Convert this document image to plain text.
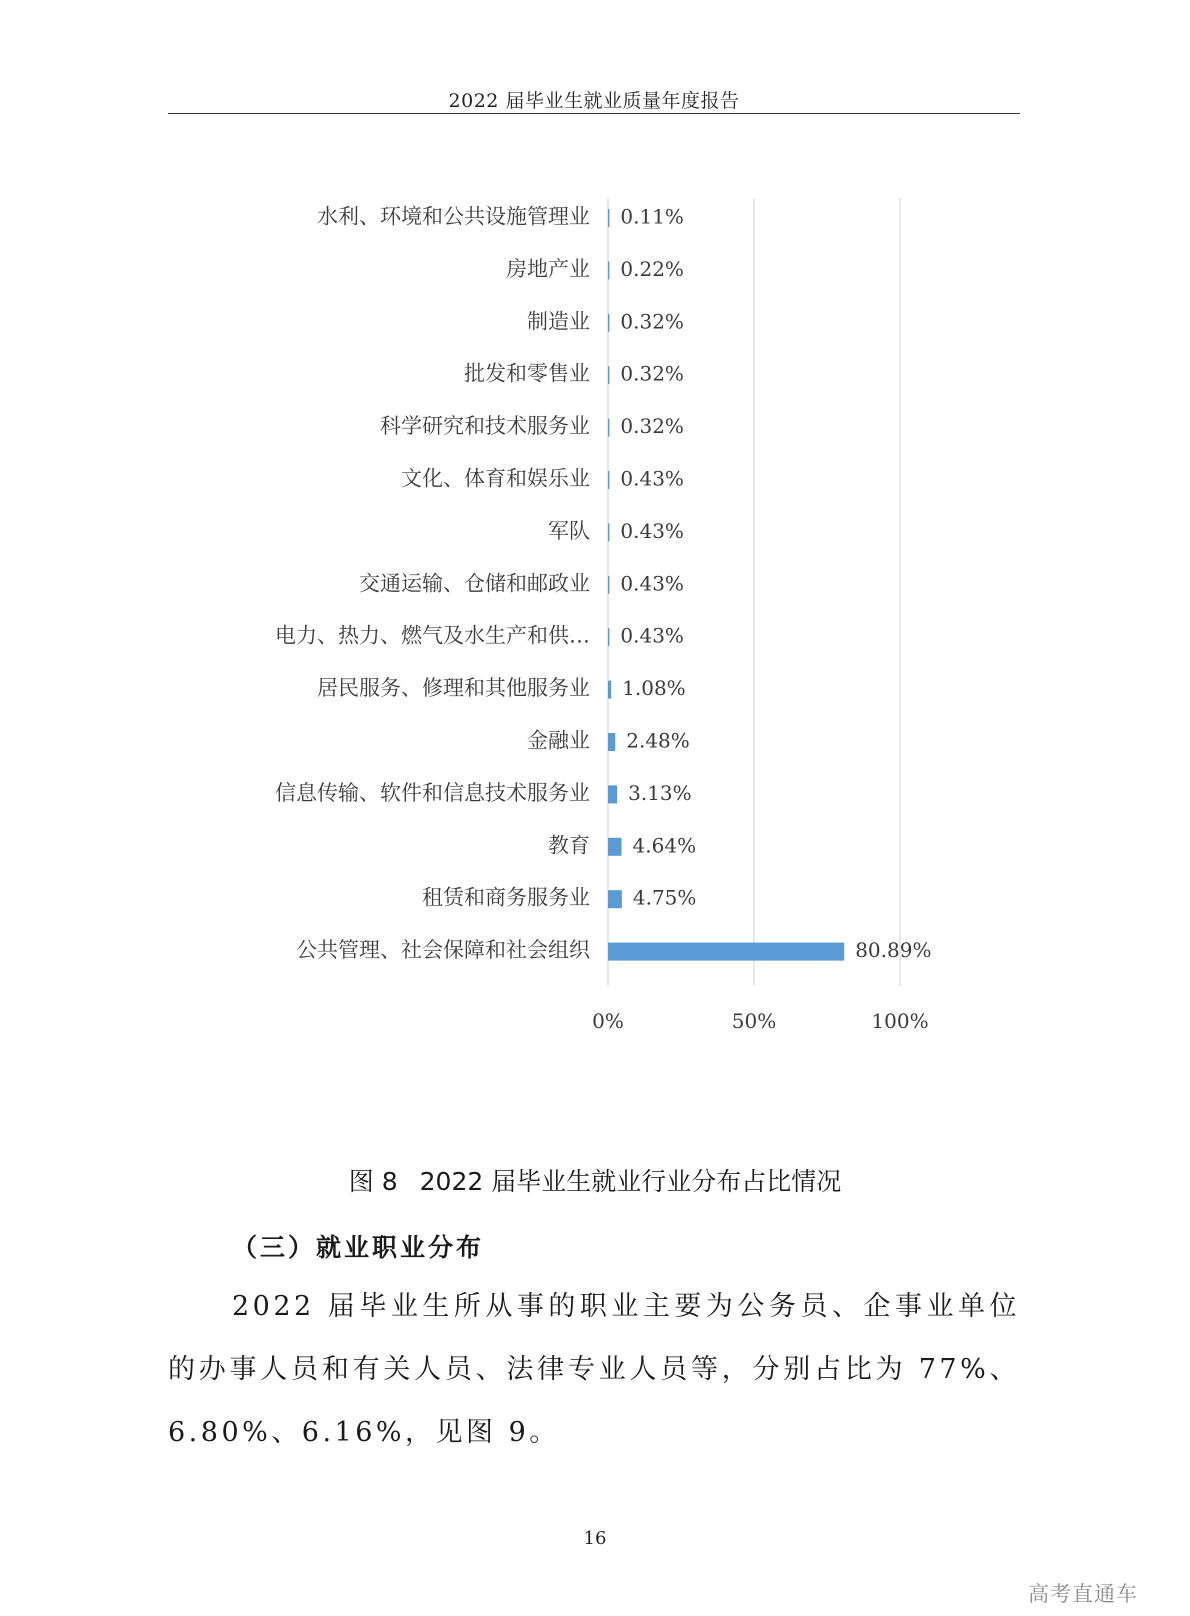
2022 届毕业生就业质量年度报告
0%	50%	100%
水利、环境和公共设施管理业 0.11%
房地产业 0.22%
制造业 0.32%
批发和零售业 0.32%
科学研究和技术服务业 0.32%
文化、体育和娱乐业 0.43%
军队 0.43%
交通运输、仓储和邮政业 0.43%
电力、热力、燃气及水生产和供… 0.43%
居民服务、修理和其他服务业 1.08%
金融业 2.48%
信息传输、软件和信息技术服务业 3.13%
教育 4.64%
租赁和商务服务业 4.75%
公共管理、社会保障和社会组织	80.89%
图 8 2022 届毕业生就业行业分布占比情况
（三）就业职业分布

2022 届毕业生所从事的职业主要为公务员、企事业单位的办事人员和有关人员、法律专业人员等，分别占比为 77%、6.80%、6.16%，见图 9。

16
高考直通车
